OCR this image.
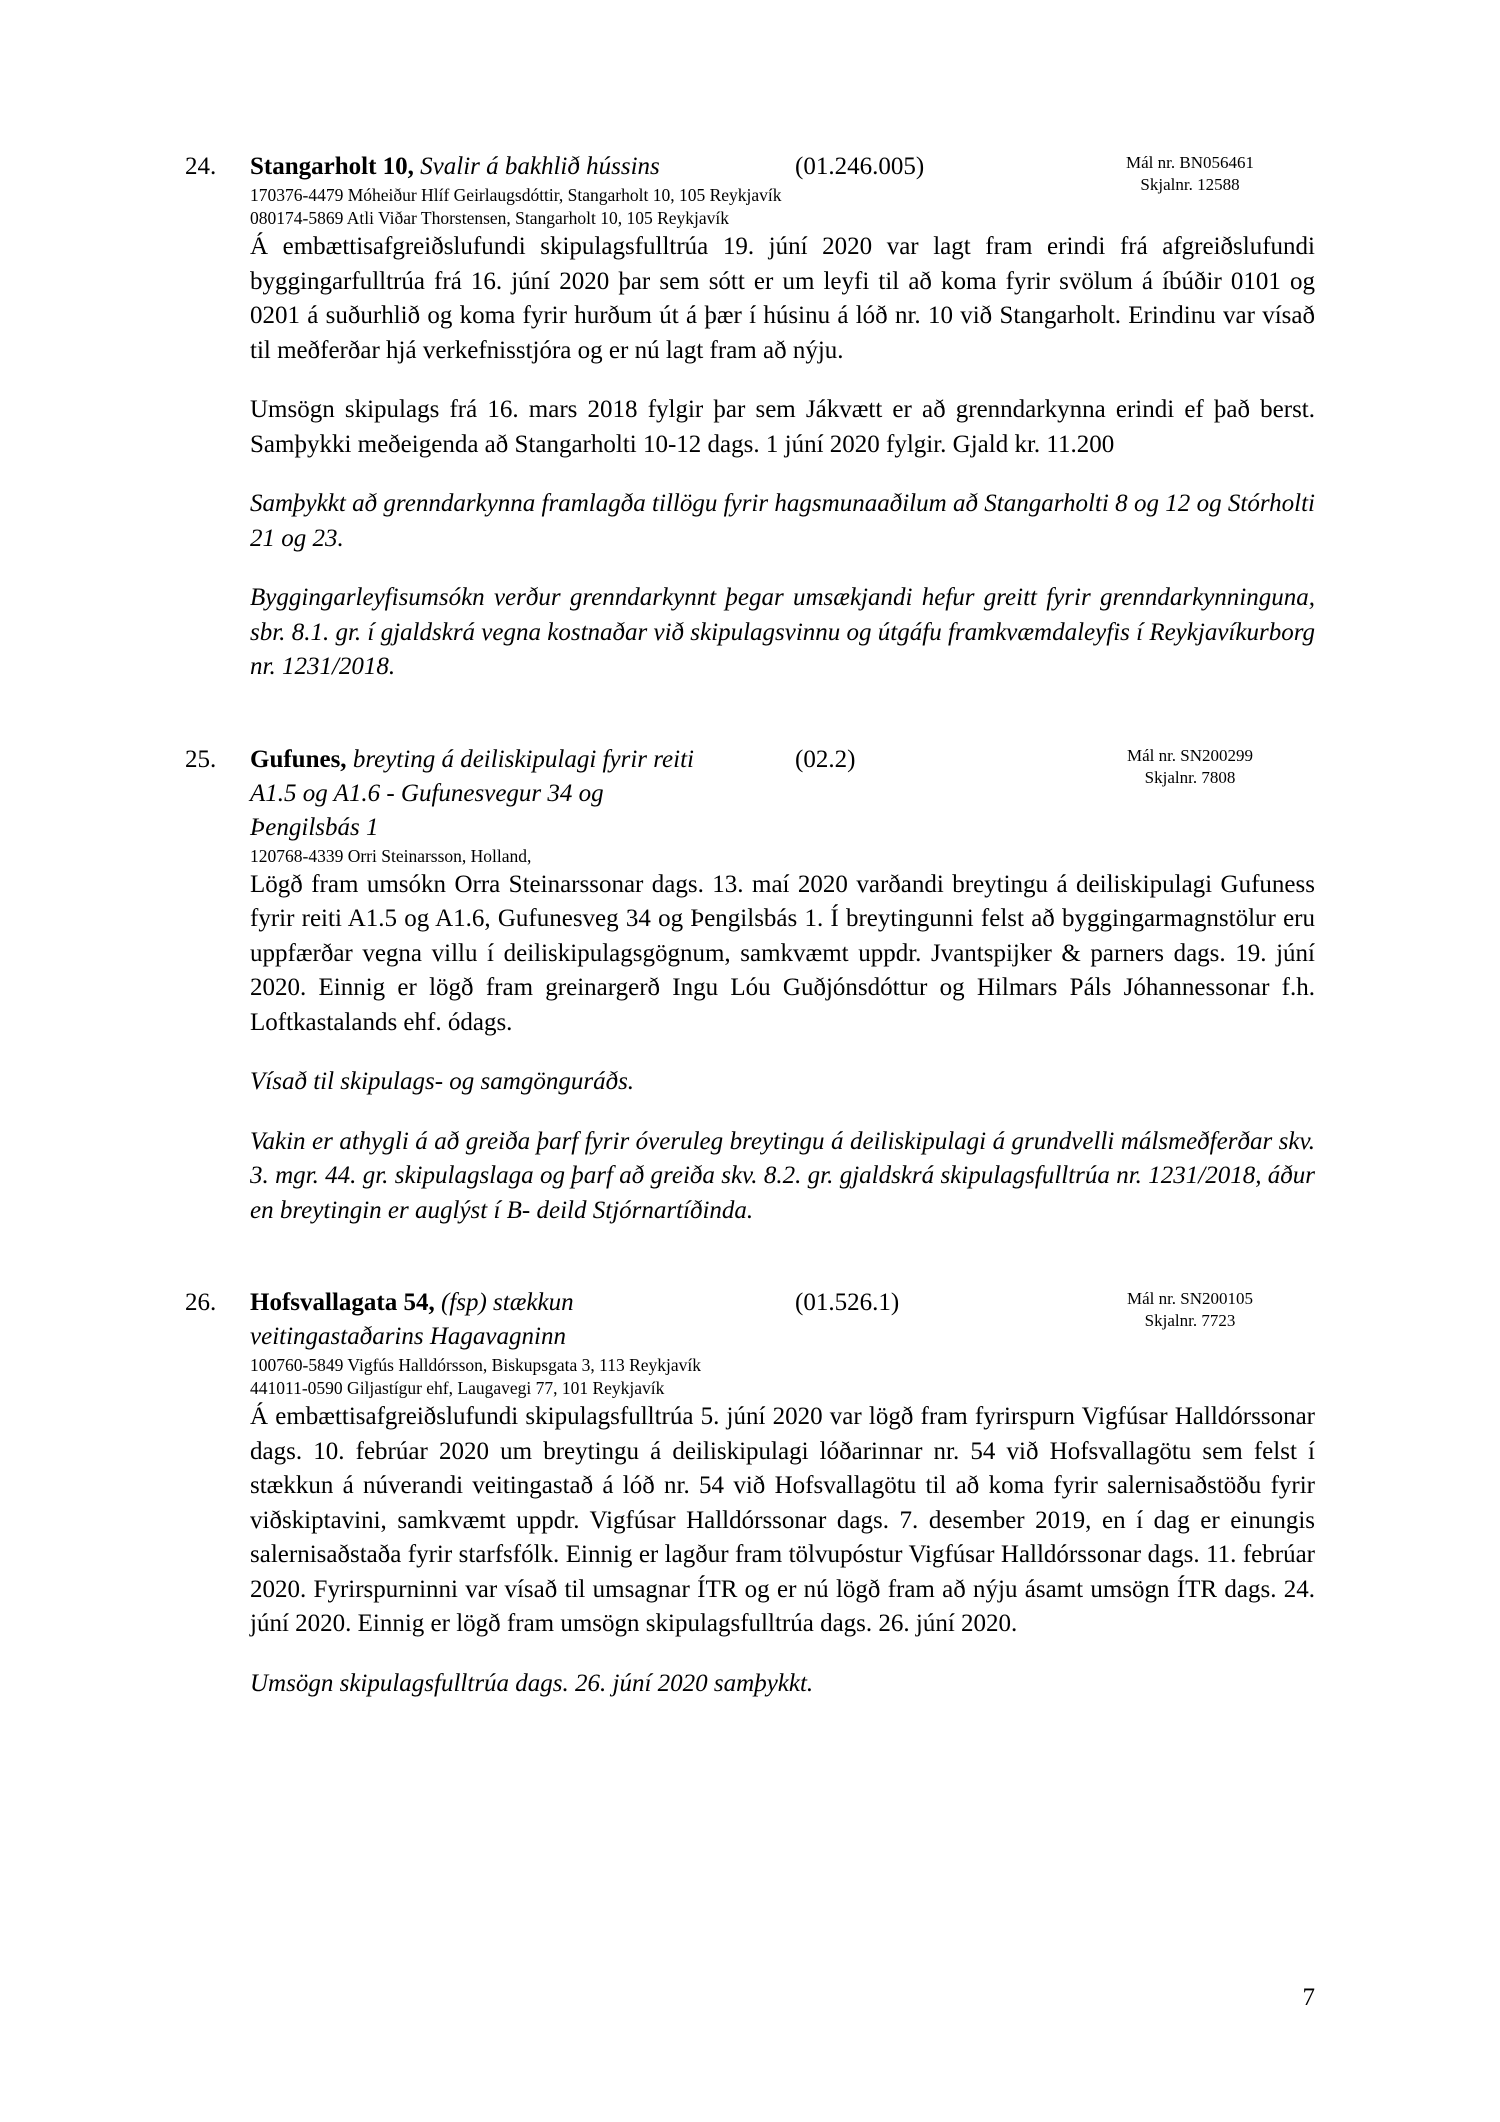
24.	Stangarholt 10, Svalir á bakhlið hússins	(01.246.005)	Mál nr. BN056461
Skjalnr. 12588
170376-4479 Móheiður Hlíf Geirlaugsdóttir, Stangarholt 10, 105 Reykjavík
080174-5869 Atli Viðar Thorstensen, Stangarholt 10, 105 Reykjavík

Á embættisafgreiðslufundi skipulagsfulltrúa 19. júní 2020 var lagt fram erindi frá afgreiðslufundi byggingarfulltrúa frá 16. júní 2020 þar sem sótt er um leyfi til að koma fyrir svölum á íbúðir 0101 og 0201 á suðurhlið og koma fyrir hurðum út á þær í húsinu á lóð nr. 10 við Stangarholt. Erindinu var vísað til meðferðar hjá verkefnisstjóra og er nú lagt fram að nýju.

Umsögn skipulags frá 16. mars 2018 fylgir þar sem Jákvætt er að grenndarkynna erindi ef það berst. Samþykki meðeigenda að Stangarholti 10-12 dags. 1 júní 2020 fylgir. Gjald kr. 11.200

Samþykkt að grenndarkynna framlagða tillögu fyrir hagsmunaaðilum að Stangarholti 8 og 12 og Stórholti 21 og 23.

Byggingarleyfisumsókn verður grenndarkynnt þegar umsækjandi hefur greitt fyrir grenndarkynninguna, sbr. 8.1. gr. í gjaldskrá vegna kostnaðar við skipulagsvinnu og útgáfu framkvæmdaleyfis í Reykjavíkurborg nr. 1231/2018.

25.	Gufunes, breyting á deiliskipulagi fyrir reiti	(02.2)
A1.5 og A1.6 - Gufunesvegur 34 og
Þengilsbás 1
Mál nr. SN200299
Skjalnr. 7808
120768-4339 Orri Steinarsson, Holland,

Lögð fram umsókn Orra Steinarssonar dags. 13. maí 2020 varðandi breytingu á deiliskipulagi Gufuness fyrir reiti A1.5 og A1.6, Gufunesveg 34 og Þengilsbás 1. Í breytingunni felst að byggingarmagnstölur eru uppfærðar vegna villu í deiliskipulagsgögnum, samkvæmt uppdr. Jvantspijker & parners dags. 19. júní 2020. Einnig er lögð fram greinargerð Ingu Lóu Guðjónsdóttur og Hilmars Páls Jóhannessonar f.h. Loftkastalands ehf. ódags.

Vísað til skipulags- og samgönguráðs.

Vakin er athygli á að greiða þarf fyrir óveruleg breytingu á deiliskipulagi á grundvelli málsmeðferðar skv. 3. mgr. 44. gr. skipulagslaga og þarf að greiða skv. 8.2. gr. gjaldskrá skipulagsfulltrúa nr. 1231/2018, áður en breytingin er auglýst í B- deild Stjórnartíðinda.

26.	Hofsvallagata 54, (fsp) stækkun	(01.526.1)
veitingastaðarins Hagavagninn
Mál nr. SN200105
Skjalnr. 7723
100760-5849 Vigfús Halldórsson, Biskupsgata 3, 113 Reykjavík
441011-0590 Giljastígur ehf, Laugavegi 77, 101 Reykjavík

Á embættisafgreiðslufundi skipulagsfulltrúa 5. júní 2020 var lögð fram fyrirspurn Vigfúsar Halldórssonar dags. 10. febrúar 2020 um breytingu á deiliskipulagi lóðarinnar nr. 54 við Hofsvallagötu sem felst í stækkun á núverandi veitingastað á lóð nr. 54 við Hofsvallagötu til að koma fyrir salernisaðstöðu fyrir viðskiptavini, samkvæmt uppdr. Vigfúsar Halldórssonar dags. 7. desember 2019, en í dag er einungis salernisaðstaða fyrir starfsfólk. Einnig er lagður fram tölvupóstur Vigfúsar Halldórssonar dags. 11. febrúar 2020. Fyrirspurninni var vísað til umsagnar ÍTR og er nú lögð fram að nýju ásamt umsögn ÍTR dags. 24. júní 2020. Einnig er lögð fram umsögn skipulagsfulltrúa dags. 26. júní 2020.

Umsögn skipulagsfulltrúa dags. 26. júní 2020 samþykkt.

7
